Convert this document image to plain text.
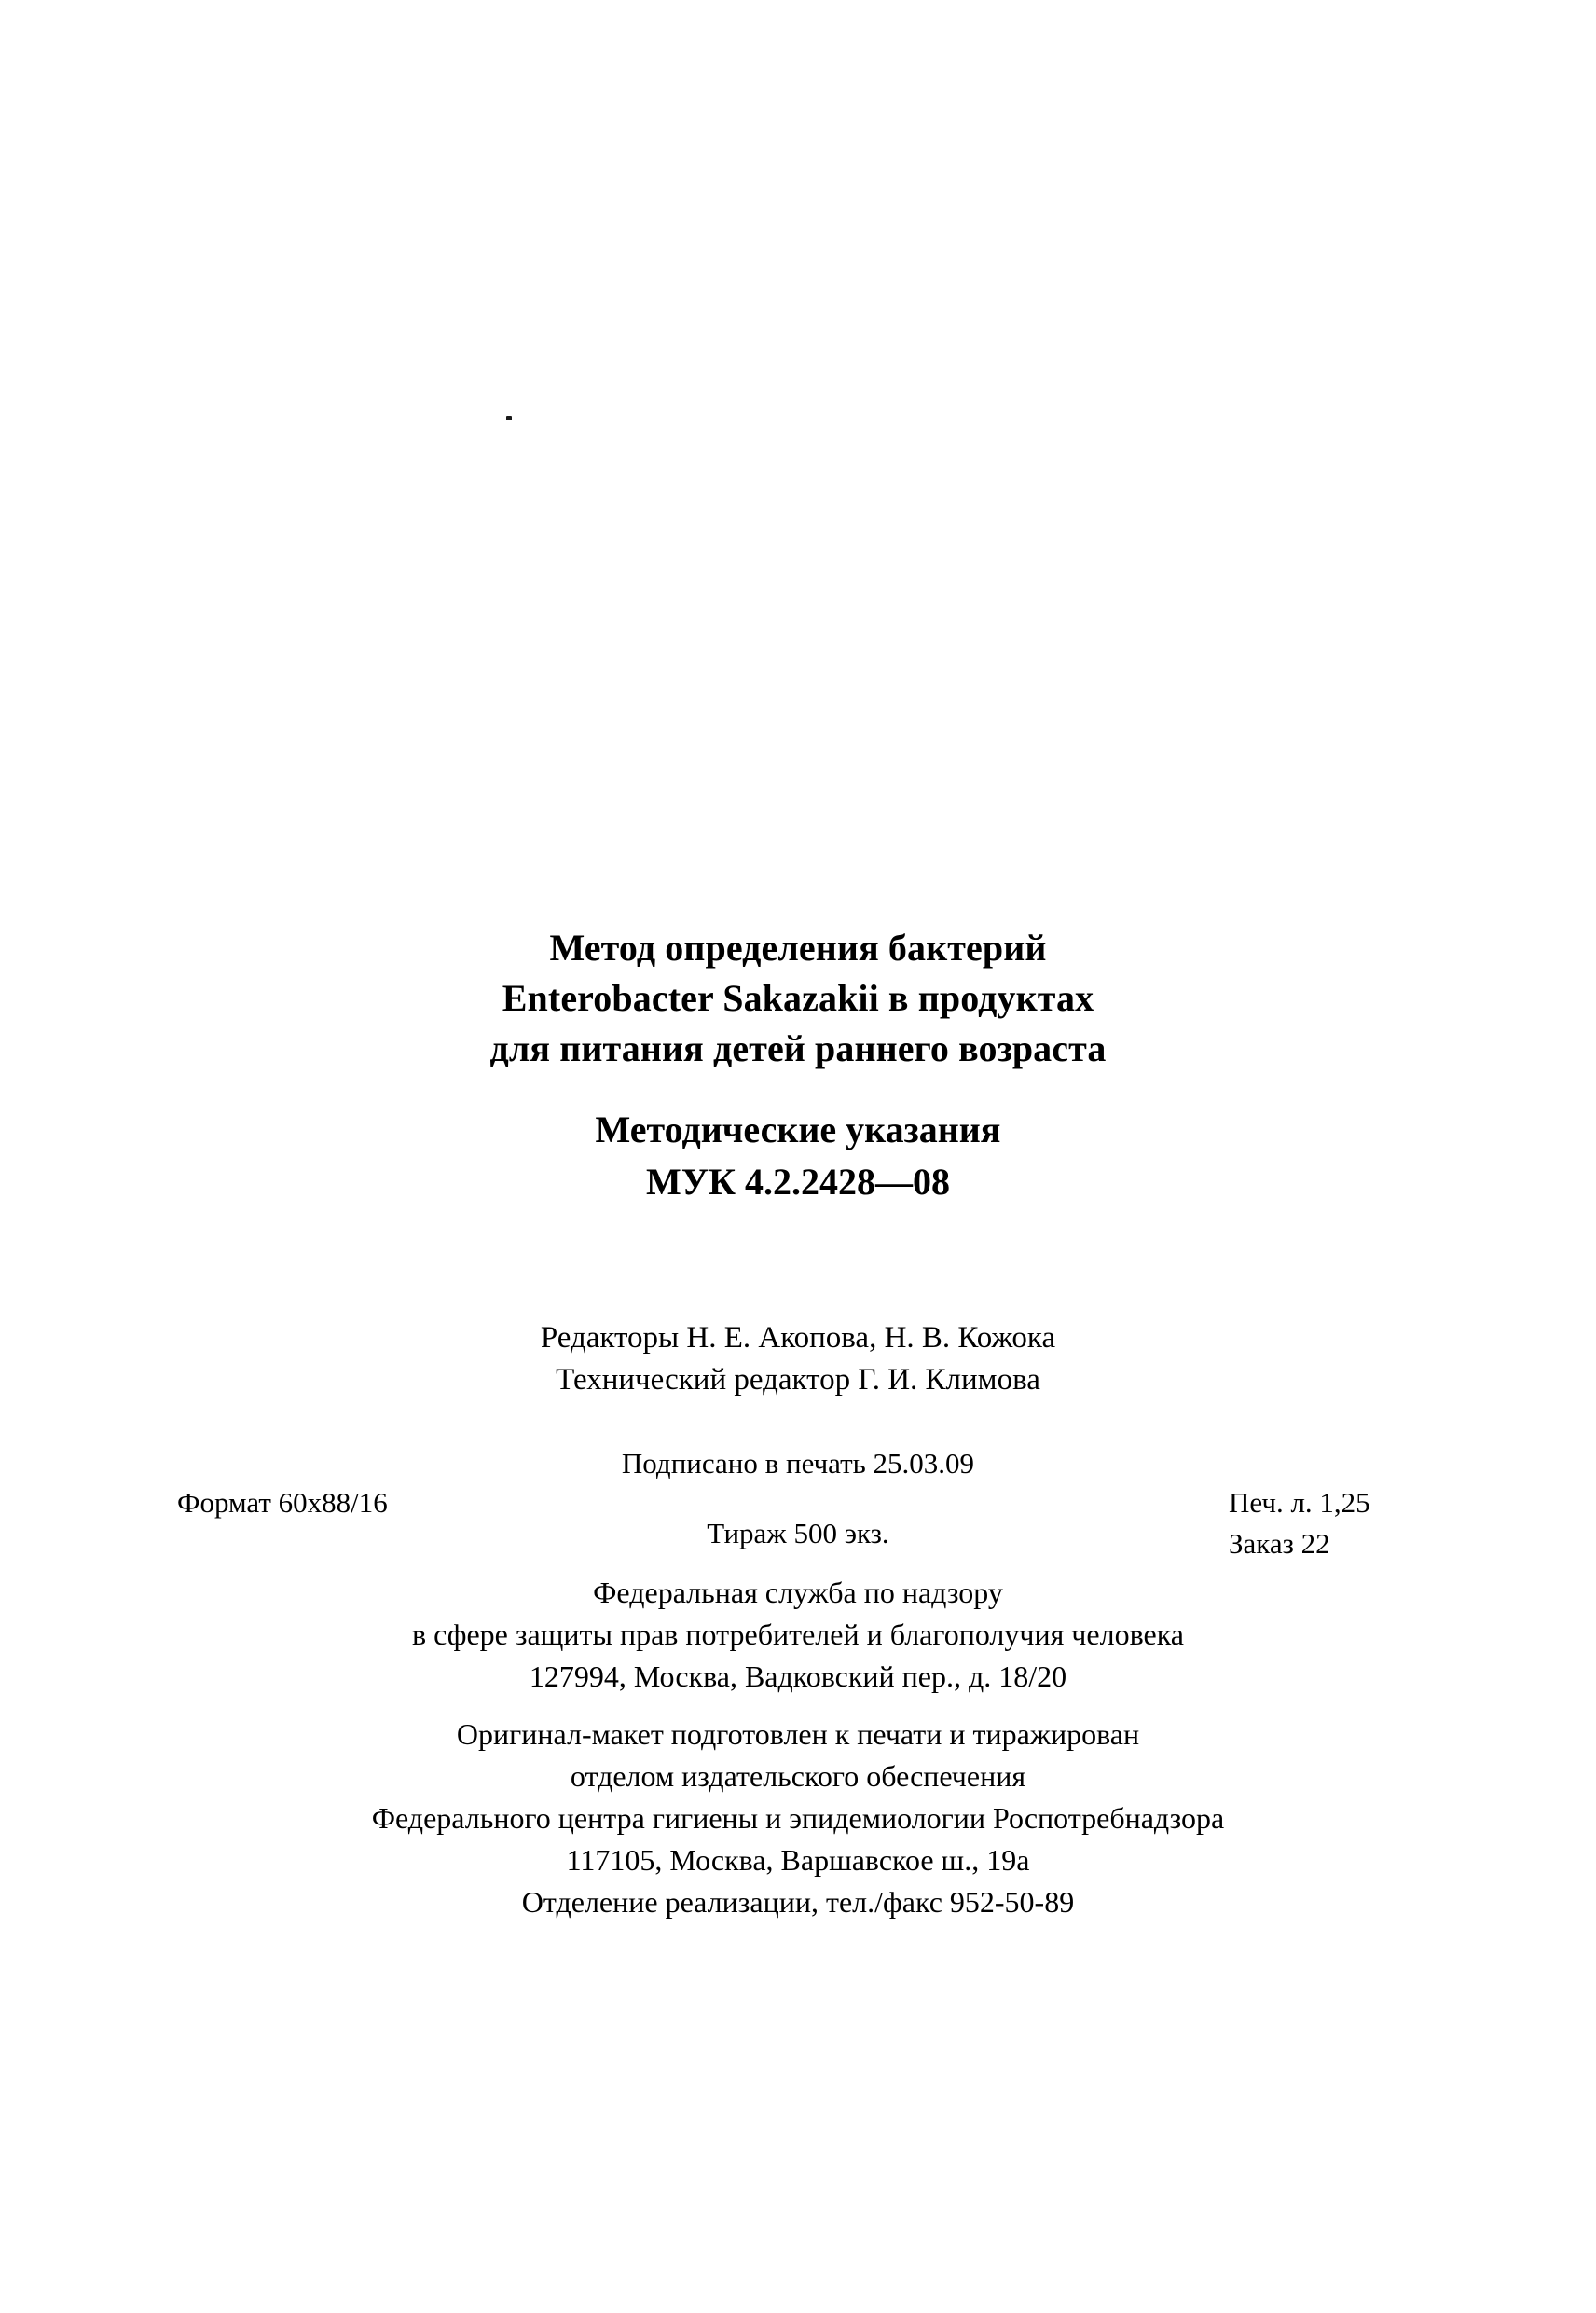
Метод определения бактерий
Enterobacter Sakazakii в продуктах
для питания детей раннего возраста
Методические указания
МУК 4.2.2428—08
Редакторы Н. Е. Акопова, Н. В. Кожока
Технический редактор Г. И. Климова
Подписано в печать 25.03.09
Тираж 500 экз.
Формат 60х88/16	Печ. л. 1,25
Заказ 22
Федеральная служба по надзору
в сфере защиты прав потребителей и благополучия человека
127994, Москва, Вадковский пер., д. 18/20
Оригинал-макет подготовлен к печати и тиражирован
отделом издательского обеспечения
Федерального центра гигиены и эпидемиологии Роспотребнадзора
117105, Москва, Варшавское ш., 19а
Отделение реализации, тел./факс 952-50-89
